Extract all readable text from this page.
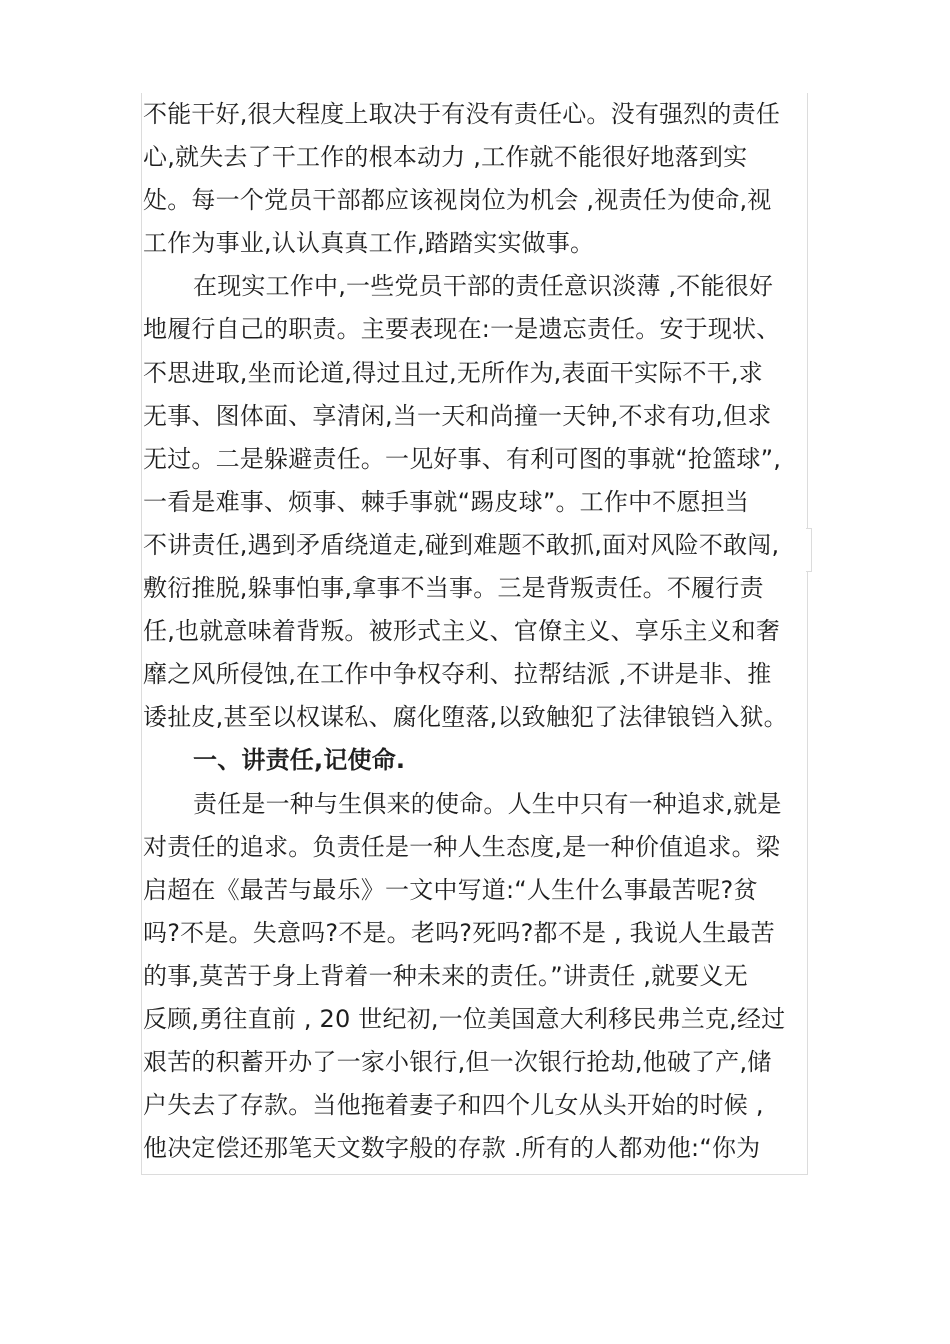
不能干好,很大程度上取决于有没有责任心。没有强烈的责任
心,就失去了干工作的根本动力 ,工作就不能很好地落到实
处。每一个党员干部都应该视岗位为机会 ,视责任为使命,视
工作为事业,认认真真工作,踏踏实实做事。
在现实工作中,一些党员干部的责任意识淡薄 ,不能很好
地履行自己的职责。主要表现在:一是遗忘责任。安于现状、
不思进取,坐而论道,得过且过,无所作为,表面干实际不干,求
无事、图体面、享清闲,当一天和尚撞一天钟,不求有功,但求
无过。二是躲避责任。一见好事、有利可图的事就“抢篮球”,
一看是难事、烦事、棘手事就“踢皮球”。工作中不愿担当
不讲责任,遇到矛盾绕道走,碰到难题不敢抓,面对风险不敢闯,
敷衍推脱,躲事怕事,拿事不当事。三是背叛责任。不履行责
任,也就意味着背叛。被形式主义、官僚主义、享乐主义和奢
靡之风所侵蚀,在工作中争权夺利、拉帮结派 ,不讲是非、推
诿扯皮,甚至以权谋私、腐化堕落,以致触犯了法律锒铛入狱。
一、讲责任,记使命.
责任是一种与生俱来的使命。人生中只有一种追求,就是
对责任的追求。负责任是一种人生态度,是一种价值追求。梁
启超在《最苦与最乐》一文中写道:“人生什么事最苦呢?贫
吗?不是。失意吗?不是。老吗?死吗?都不是 , 我说人生最苦
的事,莫苦于身上背着一种未来的责任。”讲责任 ,就要义无
反顾,勇往直前 , 20 世纪初,一位美国意大利移民弗兰克,经过
艰苦的积蓄开办了一家小银行,但一次银行抢劫,他破了产,储
户失去了存款。当他拖着妻子和四个儿女从头开始的时候 ,
他决定偿还那笔天文数字般的存款 .所有的人都劝他:“你为
